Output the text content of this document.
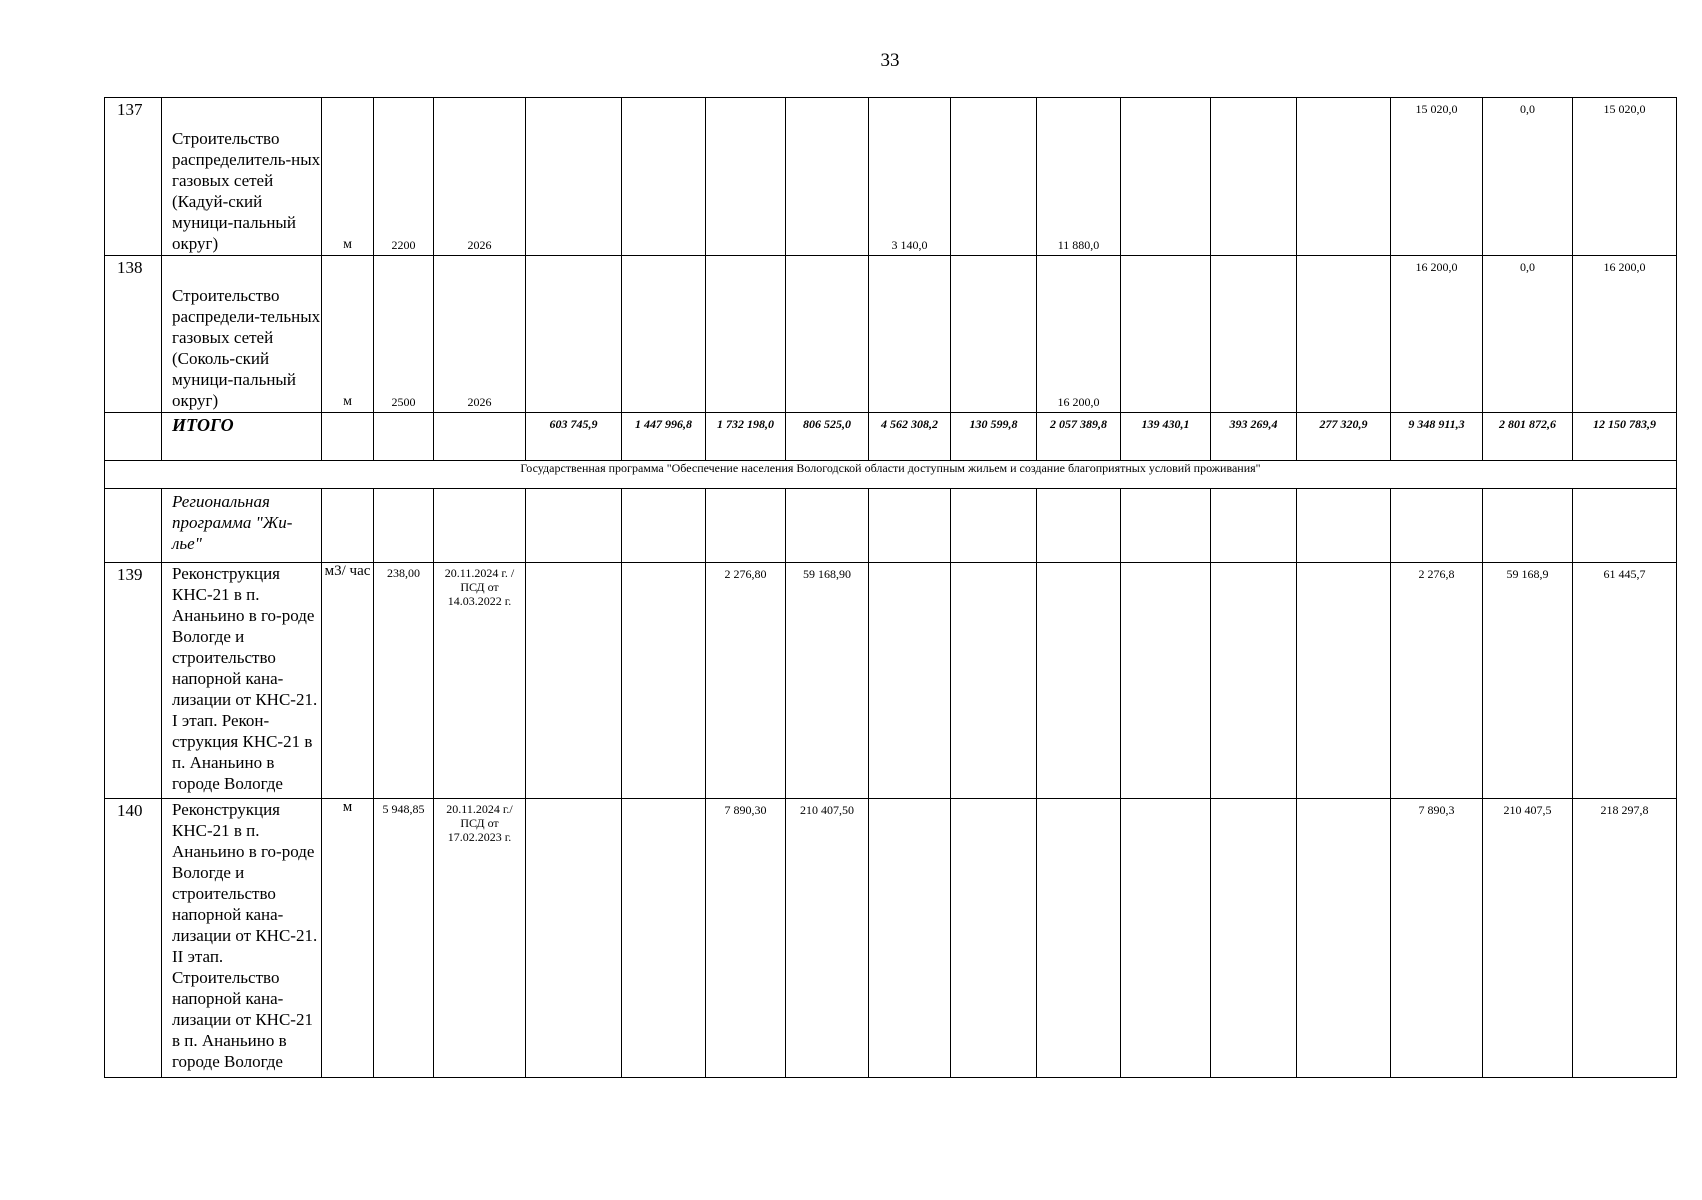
33
137	Строительство распределитель-ных газовых сетей (Кадуй-ский муници-пальный округ)	м	2200	2026					3 140,0		11 880,0				15 020,0	0,0	15 020,0
138	Строительство распредели-тельных газовых сетей (Соколь-ский муници-пальный округ)	м	2500	2026							16 200,0				16 200,0	0,0	16 200,0
	ИТОГО				603 745,9	1 447 996,8	1 732 198,0	806 525,0	4 562 308,2	130 599,8	2 057 389,8	139 430,1	393 269,4	277 320,9	9 348 911,3	2 801 872,6	12 150 783,9
Государственная программа "Обеспечение населения Вологодской области доступным жильем и создание благоприятных условий проживания"																	
	Региональная программа "Жи-лье"																
139	Реконструкция КНС-21 в п. Ананьино в го-роде Вологде и строительство напорной кана-лизации от КНС-21. I этап. Рекон-струкция КНС-21 в п. Ананьино в городе Вологде	м3/ час	238,00	20.11.2024 г. / ПСД от 14.03.2022 г.			2 276,80	59 168,90							2 276,8	59 168,9	61 445,7
140	Реконструкция КНС-21 в п. Ананьино в го-роде Вологде и строительство напорной кана-лизации от КНС-21. II этап. Строительство напорной кана-лизации от КНС-21 в п. Ананьино в городе Вологде	м	5 948,85	20.11.2024 г./ ПСД от 17.02.2023 г.			7 890,30	210 407,50							7 890,3	210 407,5	218 297,8
